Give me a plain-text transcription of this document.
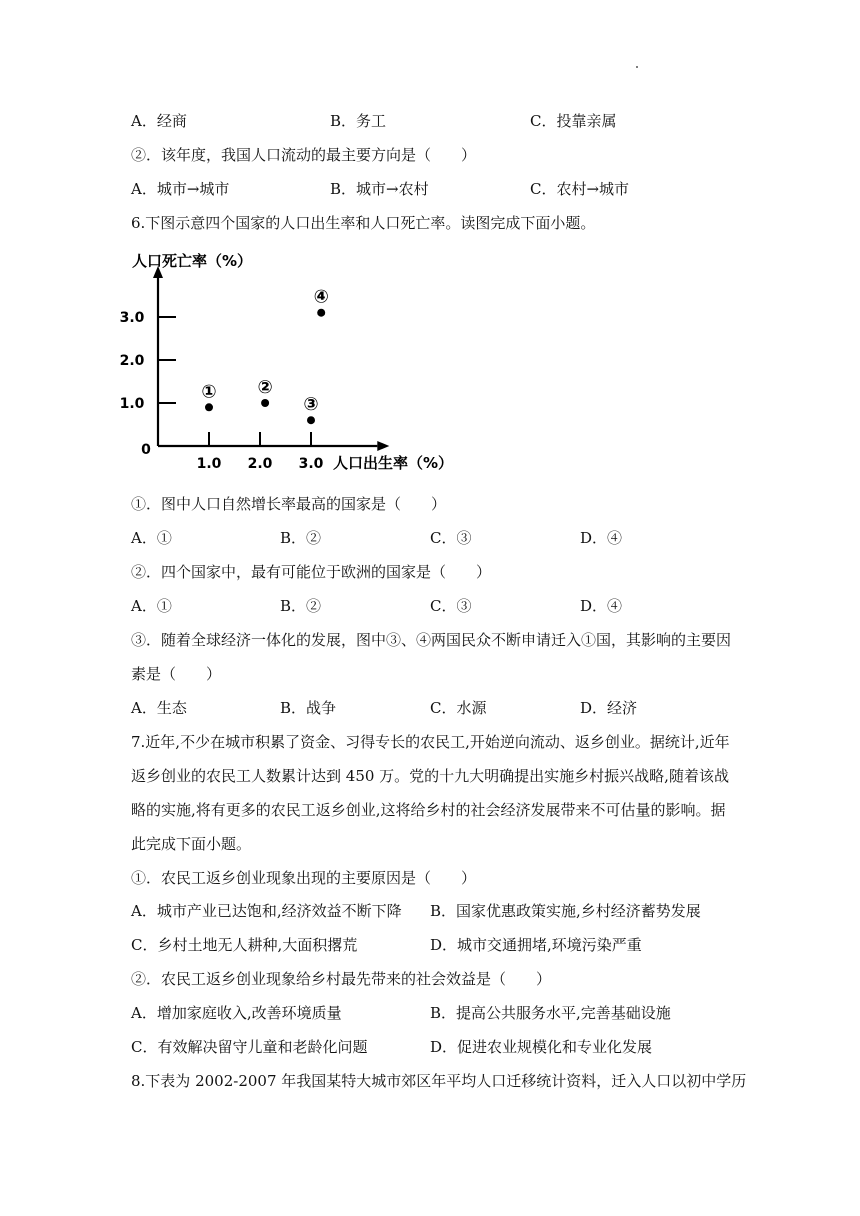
A．经商	B．务工	C．投靠亲属
②．该年度，我国人口流动的最主要方向是（　　）
A．城市→城市	B．城市→农村	C．农村→城市
6.下图示意四个国家的人口出生率和人口死亡率。读图完成下面小题。
1.0 2.0 3.0
1.0
2.0
3.0
① ②
③
④
人口死亡率（%）
人口出生率（%）
0
①．图中人口自然增长率最高的国家是（　　）
A．①	B．②	C．③	D．④
②．四个国家中，最有可能位于欧洲的国家是（　　）
A．①	B．②	C．③	D．④
③．随着全球经济一体化的发展，图中③、④两国民众不断申请迁入①国，其影响的主要因
素是（　　）
A．生态	B．战争	C．水源	D．经济
7.近年,不少在城市积累了资金、习得专长的农民工,开始逆向流动、返乡创业。据统计,近年
返乡创业的农民工人数累计达到 450 万。党的十九大明确提出实施乡村振兴战略,随着该战
略的实施,将有更多的农民工返乡创业,这将给乡村的社会经济发展带来不可估量的影响。据
此完成下面小题。
①．农民工返乡创业现象出现的主要原因是（　　）
A．城市产业已达饱和,经济效益不断下降 B．国家优惠政策实施,乡村经济蓄势发展
C．乡村土地无人耕种,大面积撂荒	D．城市交通拥堵,环境污染严重
②．农民工返乡创业现象给乡村最先带来的社会效益是（　　）
A．增加家庭收入,改善环境质量	B．提高公共服务水平,完善基础设施
C．有效解决留守儿童和老龄化问题	D．促进农业规模化和专业化发展
8.下表为 2002-2007 年我国某特大城市郊区年平均人口迁移统计资料，迁入人口以初中学历
